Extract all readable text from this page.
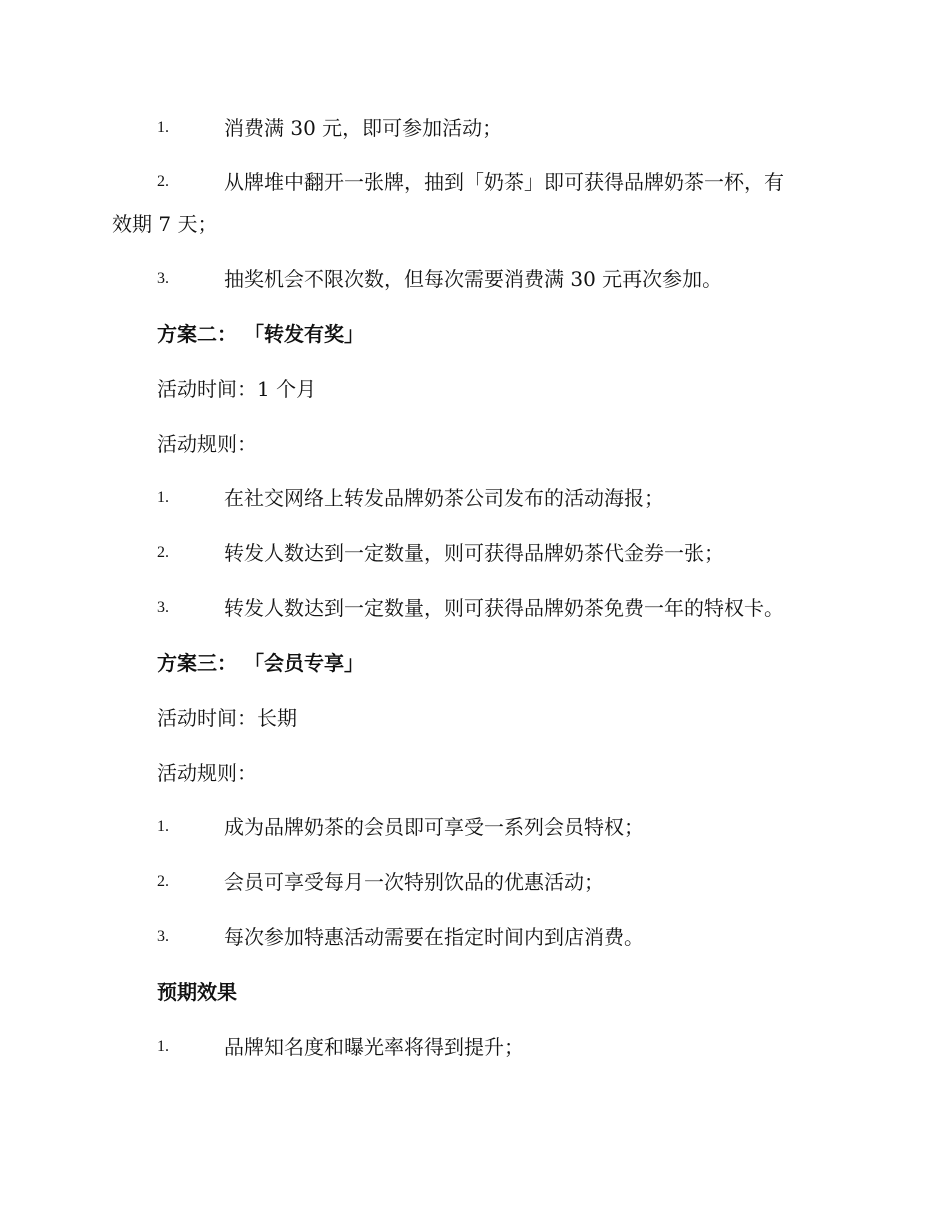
1.	消费满 30 元，即可参加活动；
2.	从牌堆中翻开一张牌，抽到「奶茶」即可获得品牌奶茶一杯，有
效期 7 天；
3.	抽奖机会不限次数，但每次需要消费满 30 元再次参加。
方案二： 「转发有奖」
活动时间：1 个月
活动规则：
1.	在社交网络上转发品牌奶茶公司发布的活动海报；
2.	转发人数达到一定数量，则可获得品牌奶茶代金券一张；
3.	转发人数达到一定数量，则可获得品牌奶茶免费一年的特权卡。
方案三： 「会员专享」
活动时间：长期
活动规则：
1.	成为品牌奶茶的会员即可享受一系列会员特权；
2.	会员可享受每月一次特别饮品的优惠活动；
3.	每次参加特惠活动需要在指定时间内到店消费。
预期效果
1.	品牌知名度和曝光率将得到提升；
